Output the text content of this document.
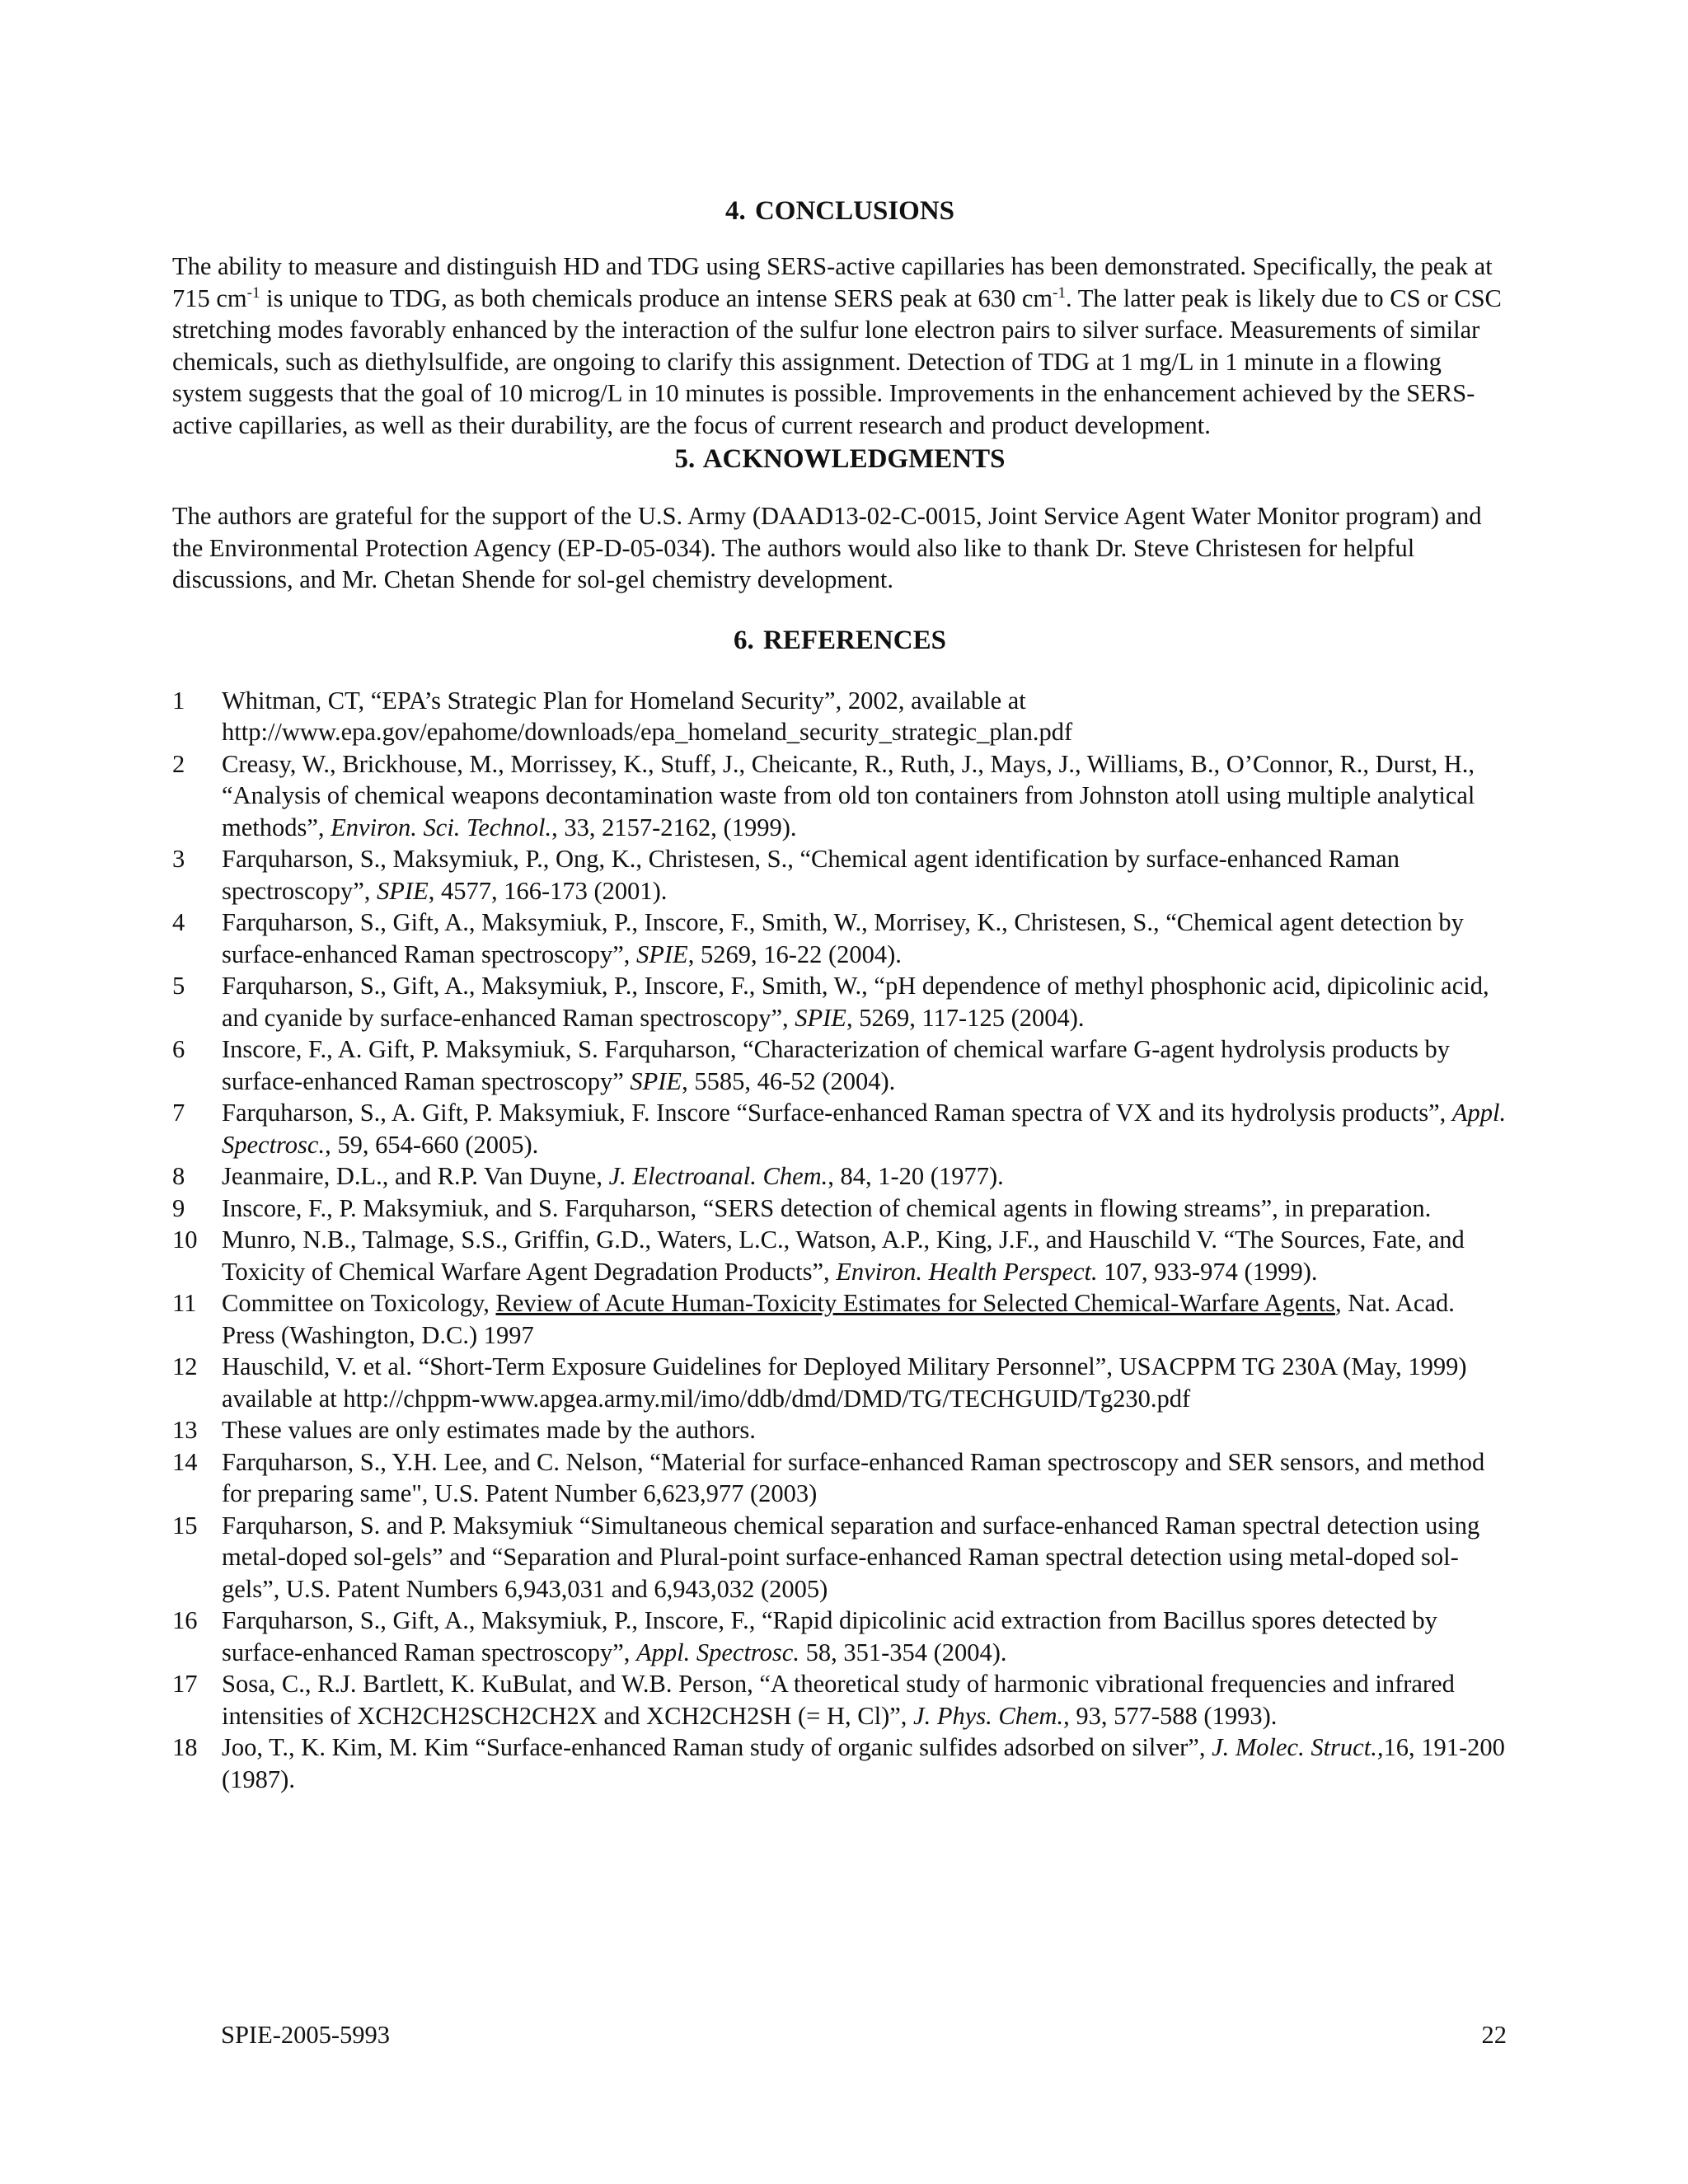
4. CONCLUSIONS

The ability to measure and distinguish HD and TDG using SERS-active capillaries has been demonstrated. Specifically, the peak at 715 $cm^{-1}$ is unique to TDG, as both chemicals produce an intense SERS peak at 630 $cm^{-1}$. The latter peak is likely due to CS or CSC stretching modes favorably enhanced by the interaction of the sulfur lone electron pairs to silver surface. Measurements of similar chemicals, such as diethylsulfide, are ongoing to clarify this assignment. Detection of TDG at 1 mg/L in 1 minute in a flowing system suggests that the goal of 10 microg/L in 10 minutes is possible. Improvements in the enhancement achieved by the SERS-active capillaries, as well as their durability, are the focus of current research and product development.

5. ACKNOWLEDGMENTS

The authors are grateful for the support of the U.S. Army (DAAD13-02-C-0015, Joint Service Agent Water Monitor program) and the Environmental Protection Agency (EP-D-05-034). The authors would also like to thank Dr. Steve Christesen for helpful discussions, and Mr. Chetan Shende for sol-gel chemistry development.

6. REFERENCES
1	Whitman, CT, “EPA’s Strategic Plan for Homeland Security”, 2002, available at http://www.epa.gov/epahome/downloads/epa_homeland_security_strategic_plan.pdf
2	Creasy, W., Brickhouse, M., Morrissey, K., Stuff, J., Cheicante, R., Ruth, J., Mays, J., Williams, B., O’Connor, R., Durst, H., “Analysis of chemical weapons decontamination waste from old ton containers from Johnston atoll using multiple analytical methods”, Environ. Sci. Technol., 33, 2157-2162, (1999).
3	Farquharson, S., Maksymiuk, P., Ong, K., Christesen, S., “Chemical agent identification by surface-enhanced Raman spectroscopy”, SPIE, 4577, 166-173 (2001).
4	Farquharson, S., Gift, A., Maksymiuk, P., Inscore, F., Smith, W., Morrisey, K., Christesen, S., “Chemical agent detection by surface-enhanced Raman spectroscopy”, SPIE, 5269, 16-22 (2004).
5	Farquharson, S., Gift, A., Maksymiuk, P., Inscore, F., Smith, W., “pH dependence of methyl phosphonic acid, dipicolinic acid, and cyanide by surface-enhanced Raman spectroscopy”, SPIE, 5269, 117-125 (2004).
6	Inscore, F., A. Gift, P. Maksymiuk, S. Farquharson, “Characterization of chemical warfare G-agent hydrolysis products by surface-enhanced Raman spectroscopy” SPIE, 5585, 46-52 (2004).
7	Farquharson, S., A. Gift, P. Maksymiuk, F. Inscore “Surface-enhanced Raman spectra of VX and its hydrolysis products”, Appl. Spectrosc., 59, 654-660 (2005).
8	Jeanmaire, D.L., and R.P. Van Duyne, J. Electroanal. Chem., 84, 1-20 (1977).
9	Inscore, F., P. Maksymiuk, and S. Farquharson, “SERS detection of chemical agents in flowing streams”, in preparation.
10 Munro, N.B., Talmage, S.S., Griffin, G.D., Waters, L.C., Watson, A.P., King, J.F., and Hauschild V. “The Sources, Fate, and Toxicity of Chemical Warfare Agent Degradation Products”, Environ. Health Perspect. 107, 933-974 (1999).
11	Committee on Toxicology, Review of Acute Human-Toxicity Estimates for Selected Chemical-Warfare Agents, Nat. Acad. Press (Washington, D.C.) 1997
12 Hauschild, V. et al. “Short-Term Exposure Guidelines for Deployed Military Personnel”, USACPPM TG 230A (May, 1999) available at http://chppm-www.apgea.army.mil/imo/ddb/dmd/DMD/TG/TECHGUID/Tg230.pdf
13 These values are only estimates made by the authors.
14 Farquharson, S., Y.H. Lee, and C. Nelson, “Material for surface-enhanced Raman spectroscopy and SER sensors, and method for preparing same", U.S. Patent Number 6,623,977 (2003)
15 Farquharson, S. and P. Maksymiuk “Simultaneous chemical separation and surface-enhanced Raman spectral detection using metal-doped sol-gels” and “Separation and Plural-point surface-enhanced Raman spectral detection using metal-doped sol-gels”, U.S. Patent Numbers 6,943,031 and 6,943,032 (2005)
16 Farquharson, S., Gift, A., Maksymiuk, P., Inscore, F., “Rapid dipicolinic acid extraction from Bacillus spores detected by surface-enhanced Raman spectroscopy”, Appl. Spectrosc. 58, 351-354 (2004).
17 Sosa, C., R.J. Bartlett, K. KuBulat, and W.B. Person, “A theoretical study of harmonic vibrational frequencies and infrared intensities of XCH2CH2SCH2CH2X and XCH2CH2SH (= H, Cl)”, J. Phys. Chem., 93, 577-588 (1993).
18 Joo, T., K. Kim, M. Kim “Surface-enhanced Raman study of organic sulfides adsorbed on silver”, J. Molec. Struct.,16, 191-200 (1987).
SPIE-2005-5993	22
